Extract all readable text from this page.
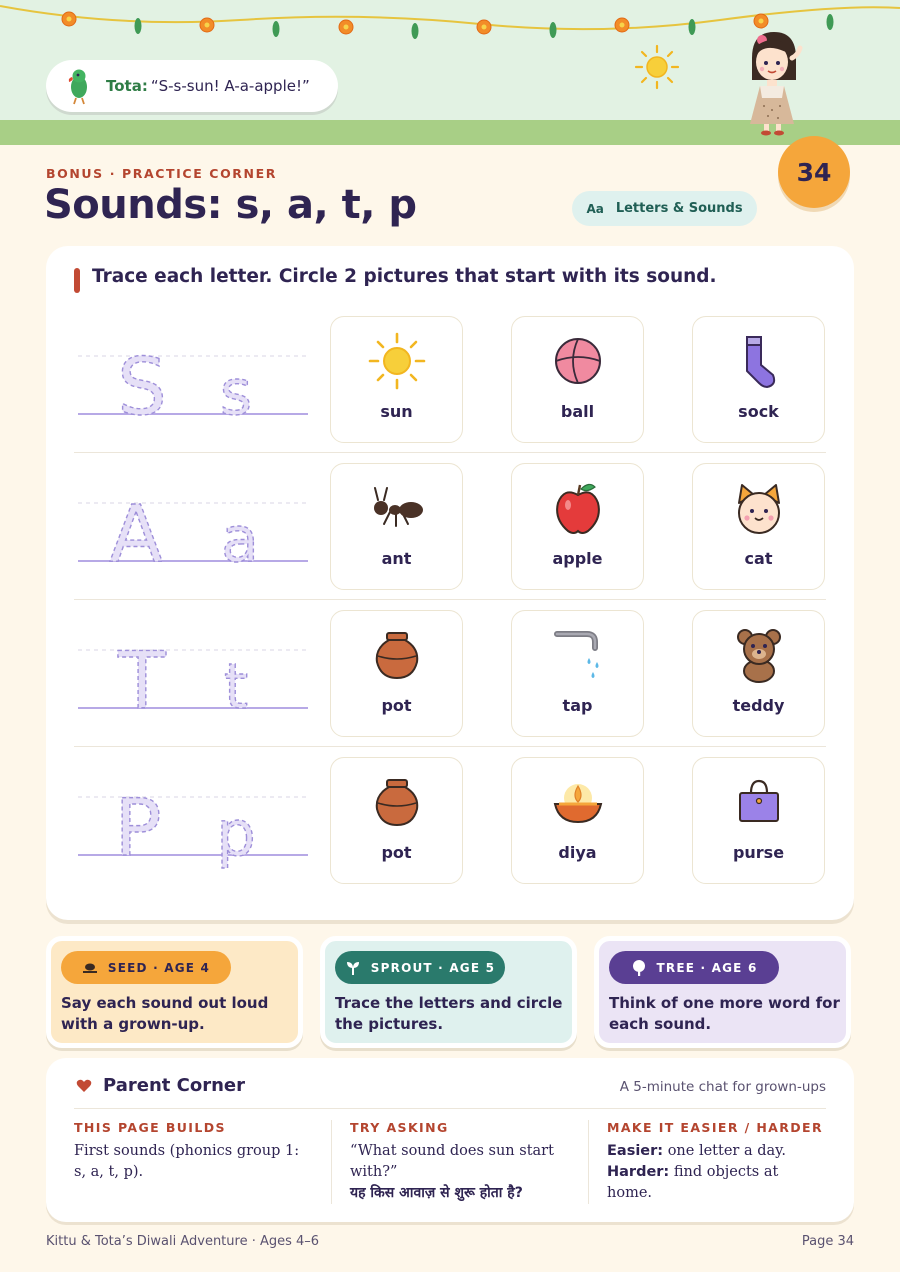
Tota: “S-s-sun! A-a-apple!”
34
BONUS · PRACTICE CORNER
Sounds: s, a, t, p	Aa Letters & Sounds
Trace each letter. Circle 2 pictures that start with its sound.
S s	sun	ball	sock
A a	ant	apple	cat
T t	pot	tap	teddy
P p	pot	diya	purse
SEED · AGE 4
Say each sound out loud with a grown-up.
SPROUT · AGE 5
Trace the letters and circle the pictures.
TREE · AGE 6
Think of one more word for each sound.
Parent Corner	A 5-minute chat for grown-ups
THIS PAGE BUILDS
First sounds (phonics group 1: s, a, t, p).
TRY ASKING
“What sound does sun start with?”
यह किस आवाज़ से शुरू होता है?
MAKE IT EASIER / HARDER
Easier: one letter a day.
Harder: find objects at home.
Kittu & Tota’s Diwali Adventure · Ages 4–6	Page 34
